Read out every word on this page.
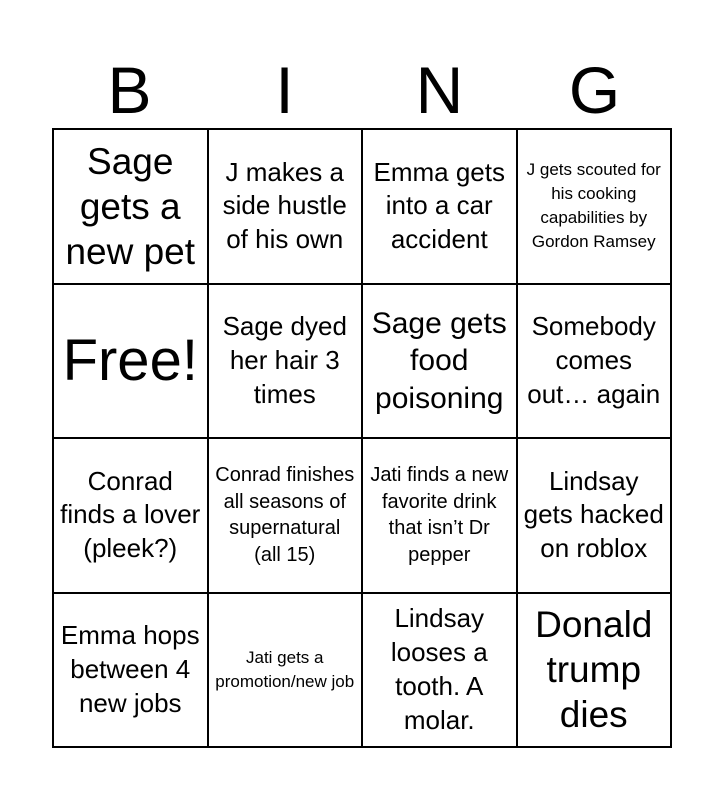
B	I	N	G
Sage gets a new pet
J makes a side hustle of his own
Emma gets into a car accident
J gets scouted for his cooking capabilities by Gordon Ramsey
Free!
Sage dyed her hair 3 times
Sage gets food poisoning
Somebody comes out… again
Conrad finds a lover (pleek?)
Conrad finishes all seasons of supernatural (all 15)
Jati finds a new favorite drink that isn’t Dr pepper
Lindsay gets hacked on roblox
Emma hops between 4 new jobs
Jati gets a promotion/new job
Lindsay looses a tooth. A molar.
Donald trump dies
